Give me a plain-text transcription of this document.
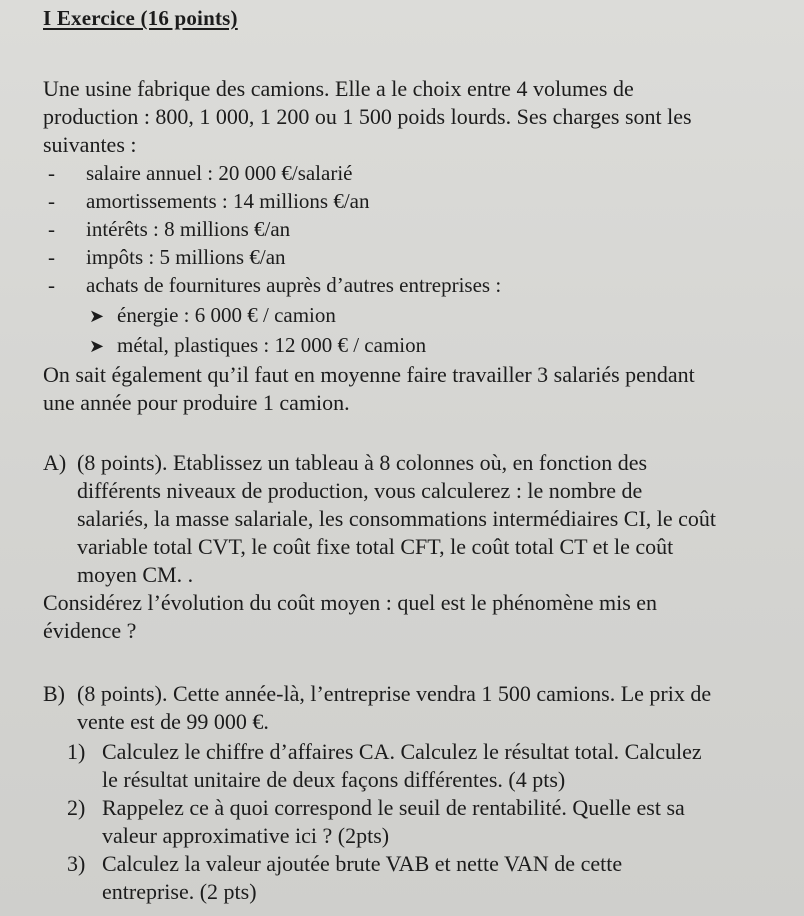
I Exercice (16 points)
Une usine fabrique des camions. Elle a le choix entre 4 volumes de
production : 800, 1 000, 1 200 ou 1 500 poids lourds. Ses charges sont les
suivantes :
- salaire annuel : 20 000 €/salarié
- amortissements : 14 millions €/an
- intérêts : 8 millions €/an
- impôts : 5 millions €/an
- achats de fournitures auprès d’autres entreprises :
➤ énergie : 6 000 € / camion
➤ métal, plastiques : 12 000 € / camion
On sait également qu’il faut en moyenne faire travailler 3 salariés pendant
une année pour produire 1 camion.
A) (8 points). Etablissez un tableau à 8 colonnes où, en fonction des
différents niveaux de production, vous calculerez : le nombre de
salariés, la masse salariale, les consommations intermédiaires CI, le coût
variable total CVT, le coût fixe total CFT, le coût total CT et le coût
moyen CM. .
Considérez l’évolution du coût moyen : quel est le phénomène mis en
évidence ?
B) (8 points). Cette année-là, l’entreprise vendra 1 500 camions. Le prix de
vente est de 99 000 €.
1) Calculez le chiffre d’affaires CA. Calculez le résultat total. Calculez
le résultat unitaire de deux façons différentes. (4 pts)
2) Rappelez ce à quoi correspond le seuil de rentabilité. Quelle est sa
valeur approximative ici ? (2pts)
3) Calculez la valeur ajoutée brute VAB et nette VAN de cette
entreprise. (2 pts)
